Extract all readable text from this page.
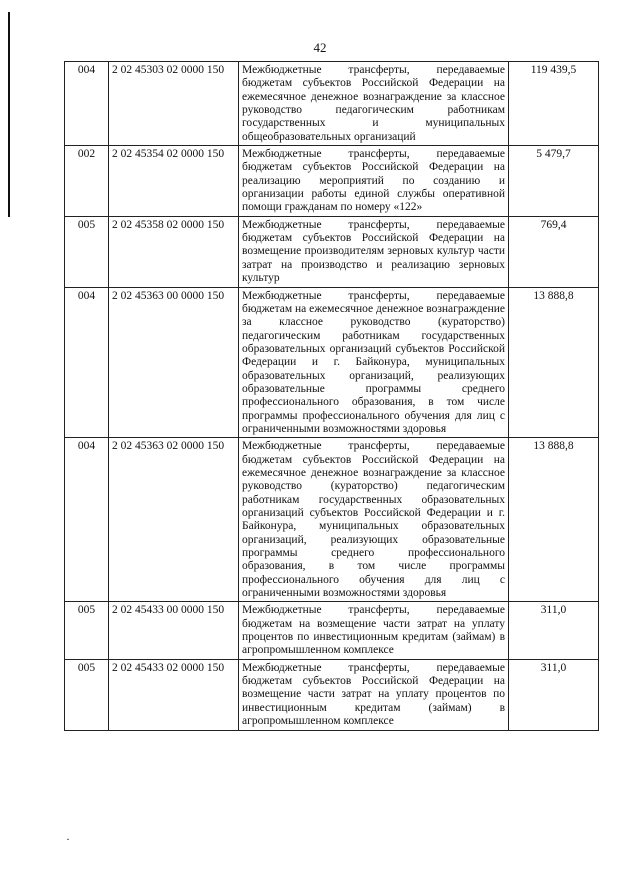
42
004	2 02 45303 02 0000 150	Межбюджетные трансферты, передаваемые бюджетам субъектов Российской Федерации на ежемесячное денежное вознаграждение за классное руководство педагогическим работникам государственных и муниципальных общеобразовательных организаций	119 439,5
002	2 02 45354 02 0000 150	Межбюджетные трансферты, передаваемые бюджетам субъектов Российской Федерации на реализацию мероприятий по созданию и организации работы единой службы оперативной помощи гражданам по номеру «122»	5 479,7
005	2 02 45358 02 0000 150	Межбюджетные трансферты, передаваемые бюджетам субъектов Российской Федерации на возмещение производителям зерновых культур части затрат на производство и реализацию зерновых культур	769,4
004	2 02 45363 00 0000 150	Межбюджетные трансферты, передаваемые бюджетам на ежемесячное денежное вознаграждение за классное руководство (кураторство) педагогическим работникам государственных образовательных организаций субъектов Российской Федерации и г. Байконура, муниципальных образовательных организаций, реализующих образовательные программы среднего профессионального образования, в том числе программы профессионального обучения для лиц с ограниченными возможностями здоровья	13 888,8
004	2 02 45363 02 0000 150	Межбюджетные трансферты, передаваемые бюджетам субъектов Российской Федерации на ежемесячное денежное вознаграждение за классное руководство (кураторство) педагогическим работникам государственных образовательных организаций субъектов Российской Федерации и г. Байконура, муниципальных образовательных организаций, реализующих образовательные программы среднего профессионального образования, в том числе программы профессионального обучения для лиц с ограниченными возможностями здоровья	13 888,8
005	2 02 45433 00 0000 150	Межбюджетные трансферты, передаваемые бюджетам на возмещение части затрат на уплату процентов по инвестиционным кредитам (займам) в агропромышленном комплексе	311,0
005	2 02 45433 02 0000 150	Межбюджетные трансферты, передаваемые бюджетам субъектов Российской Федерации на возмещение части затрат на уплату процентов по инвестиционным кредитам (займам) в агропромышленном комплексе	311,0
·
